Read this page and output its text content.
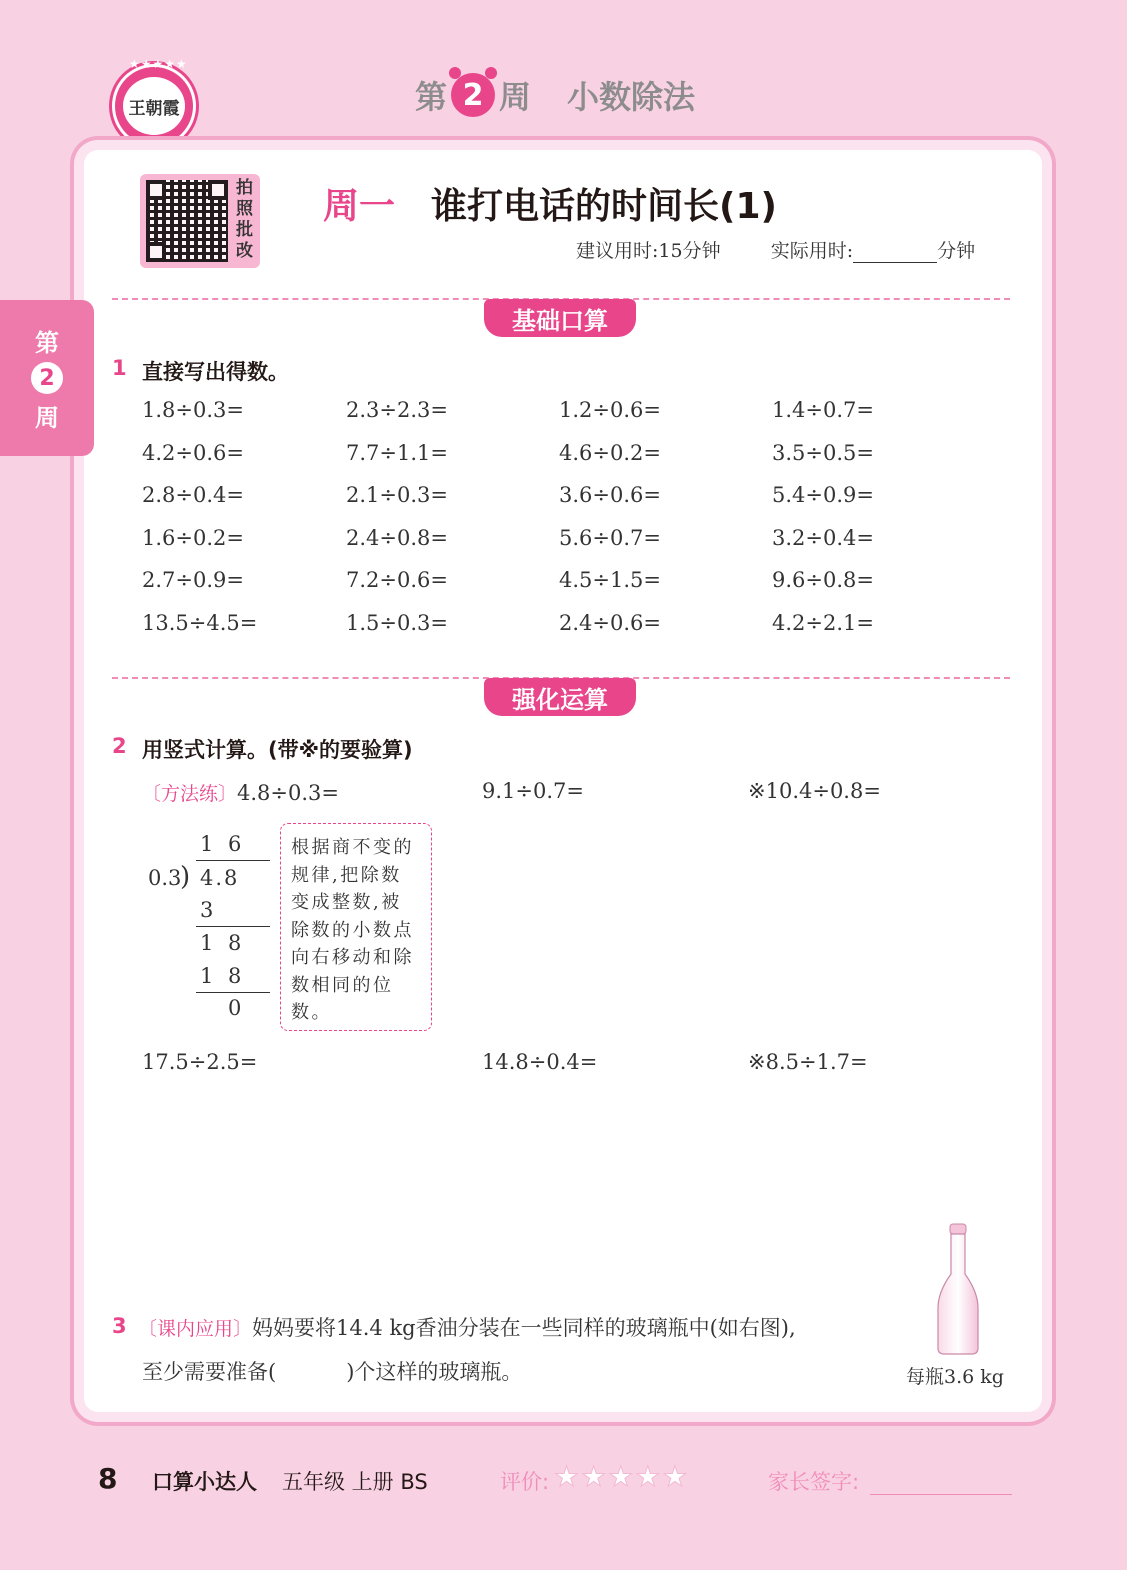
★★★★★
王朝霞	第 2 周 小数除法
第
2
周
拍照批改
周一 谁打电话的时间长(1)
建议用时:15分钟	实际用时:	分钟
基础口算
1 直接写出得数。
1.8÷0.3=	2.3÷2.3=	1.2÷0.6=	1.4÷0.7=
4.2÷0.6=	7.7÷1.1=	4.6÷0.2=	3.5÷0.5=
2.8÷0.4=	2.1÷0.3=	3.6÷0.6=	5.4÷0.9=
1.6÷0.2=	2.4÷0.8=	5.6÷0.7=	3.2÷0.4=
2.7÷0.9=	7.2÷0.6=	4.5÷1.5=	9.6÷0.8=
13.5÷4.5=	1.5÷0.3=	2.4÷0.6=	4.2÷2.1=
强化运算
2 用竖式计算。(带※的要验算)
〔方法练〕4.8÷0.3=	9.1÷0.7=	※10.4÷0.8=
1 6
0.3
) 4.8
3
1 8
1 8
0
根据商不变的规律,把除数变成整数,被除数的小数点向右移动和除数相同的位数。
17.5÷2.5=	14.8÷0.4=	※8.5÷1.7=
3 〔课内应用〕妈妈要将14.4 kg香油分装在一些同样的玻璃瓶中(如右图),
至少需要准备(	)个这样的玻璃瓶。	每瓶3.6 kg
8 口算小达人 五年级 上册 BS	评价: ★★★★★	家长签字:
